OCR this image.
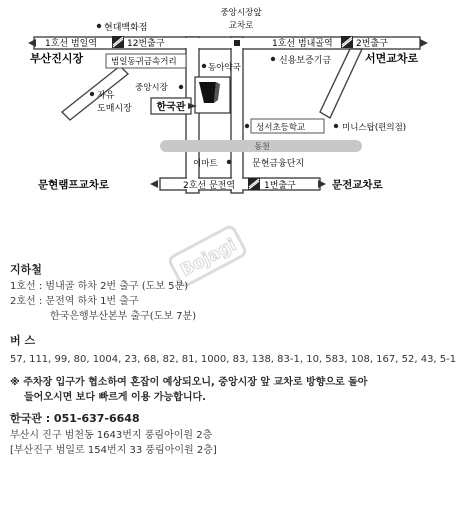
동천
1호선 범일역	12번출구	1호선 범내골역	2번출구
중앙시장앞
교차로
현대백화점
부산진시장	서면교차로
범일동귀금속거리
동아약국
신용보증기금
중앙시장
자유
도매시장 한국관
성서초등학교	미니스탑(편의점)
이마트	문현금융단지
문현램프교차로	2호선 문전역	1번출구	문전교차로
Bojagi
지하철
1호선 : 범내골 하차 2번 출구 (도보 5분)
2호선 : 문전역 하차 1번 출구
한국은행부산본부 출구(도보 7분)
버 스
57, 111, 99, 80, 1004, 23, 68, 82, 81, 1000, 83, 138, 83-1, 10, 583, 108, 167, 52, 43, 5-1
※ 주차장 입구가 협소하여 혼잡이 예상되오니, 중앙시장 앞 교차로 방향으로 돌아
들어오시면 보다 빠르게 이용 가능합니다.
한국관 : 051-637-6648
부산시 진구 범천동 1643번지 풍림아이원 2층
[부산진구 범일로 154번지 33 풍림아이원 2층]
